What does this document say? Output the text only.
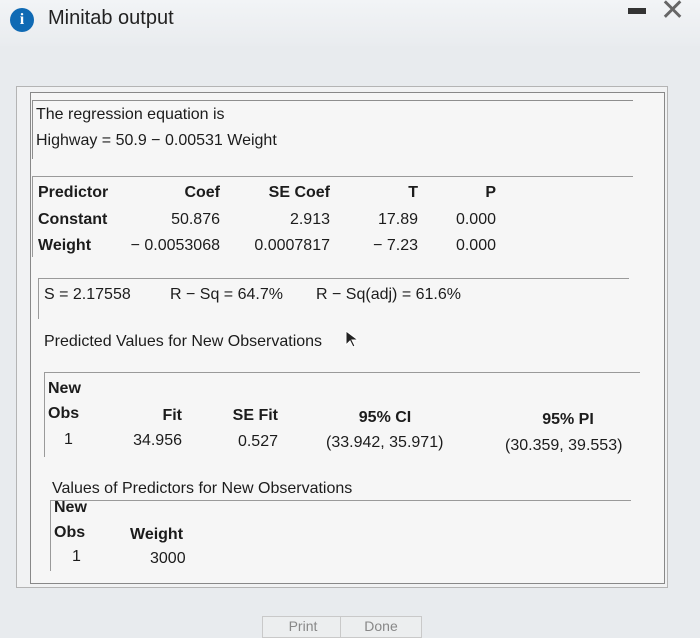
i	Minitab output	✕
The regression equation is
Highway = 50.9 − 0.00531 Weight
Predictor	Coef	SE Coef	T	P
Constant	50.876	2.913	17.89	0.000
Weight	− 0.0053068	0.0007817	− 7.23	0.000
S = 2.17558 R − Sq = 64.7% R − Sq(adj) = 61.6%
Predicted Values for New Observations
New
Obs	Fit	SE Fit	95% CI	95% PI
1	34.956	0.527	(33.942, 35.971)	(30.359, 39.553)
Values of Predictors for New Observations
New
Obs	Weight
1	3000
Print	Done
